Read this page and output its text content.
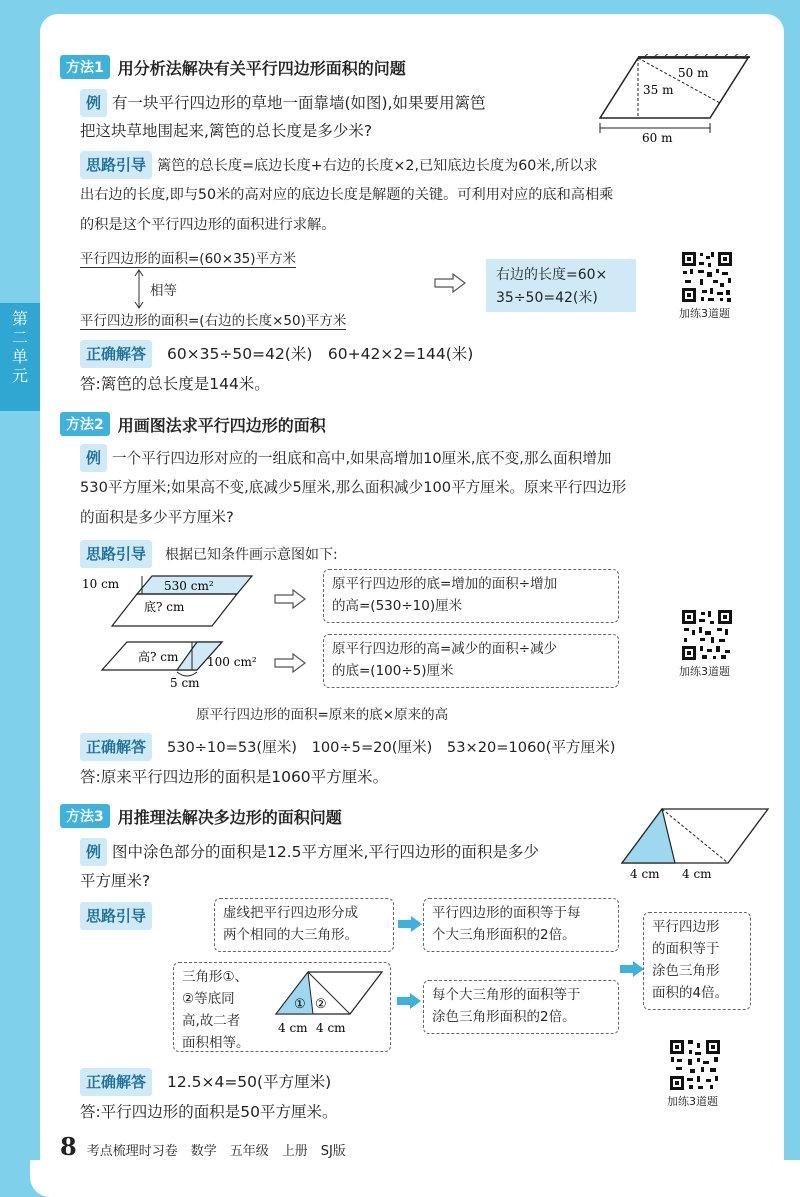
第
二
单
元
方法1 用分析法解决有关平行四边形面积的问题
例 有一块平行四边形的草地一面靠墙(如图),如果要用篱笆
把这块草地围起来,篱笆的总长度是多少米?
50 m
35 m
60 m
思路引导 篱笆的总长度=底边长度+右边的长度×2,已知底边长度为60米,所以求
出右边的长度,即与50米的高对应的底边长度是解题的关键。可利用对应的底和高相乘
的积是这个平行四边形的面积进行求解。
平行四边形的面积=(60×35)平方米
相等
平行四边形的面积=(右边的长度×50)平方米
右边的长度=60×
35÷50=42(米)
加练3道题
正确解答 60×35÷50=42(米)　60+42×2=144(米)
答:篱笆的总长度是144米。
方法2 用画图法求平行四边形的面积
例 一个平行四边形对应的一组底和高中,如果高增加10厘米,底不变,那么面积增加
530平方厘米;如果高不变,底减少5厘米,那么面积减少100平方厘米。原来平行四边形
的面积是多少平方厘米?
思路引导 根据已知条件画示意图如下:
10 cm	530 cm²
底? cm
高? cm 100 cm²
5 cm
原平行四边形的底=增加的面积÷增加
的高=(530÷10)厘米
原平行四边形的高=减少的面积÷减少
的底=(100÷5)厘米	加练3道题
原平行四边形的面积=原来的底×原来的高
正确解答 530÷10=53(厘米)　100÷5=20(厘米)　53×20=1060(平方厘米)
答:原来平行四边形的面积是1060平方厘米。
方法3 用推理法解决多边形的面积问题
例 图中涂色部分的面积是12.5平方厘米,平行四边形的面积是多少
平方厘米?	4 cm 4 cm
思路引导	虚线把平行四边形分成
两个相同的大三角形。
平行四边形的面积等于每
个大三角形面积的2倍。	平行四边形
的面积等于
涂色三角形
面积的4倍。
三角形①、
②等底同
高,故二者
面积相等。
① ②
4 cm 4 cm
每个大三角形的面积等于
涂色三角形面积的2倍。
加练3道题
正确解答 12.5×4=50(平方厘米)
答:平行四边形的面积是50平方厘米。
8 考点梳理时习卷　数学　五年级　上册　SJ版
